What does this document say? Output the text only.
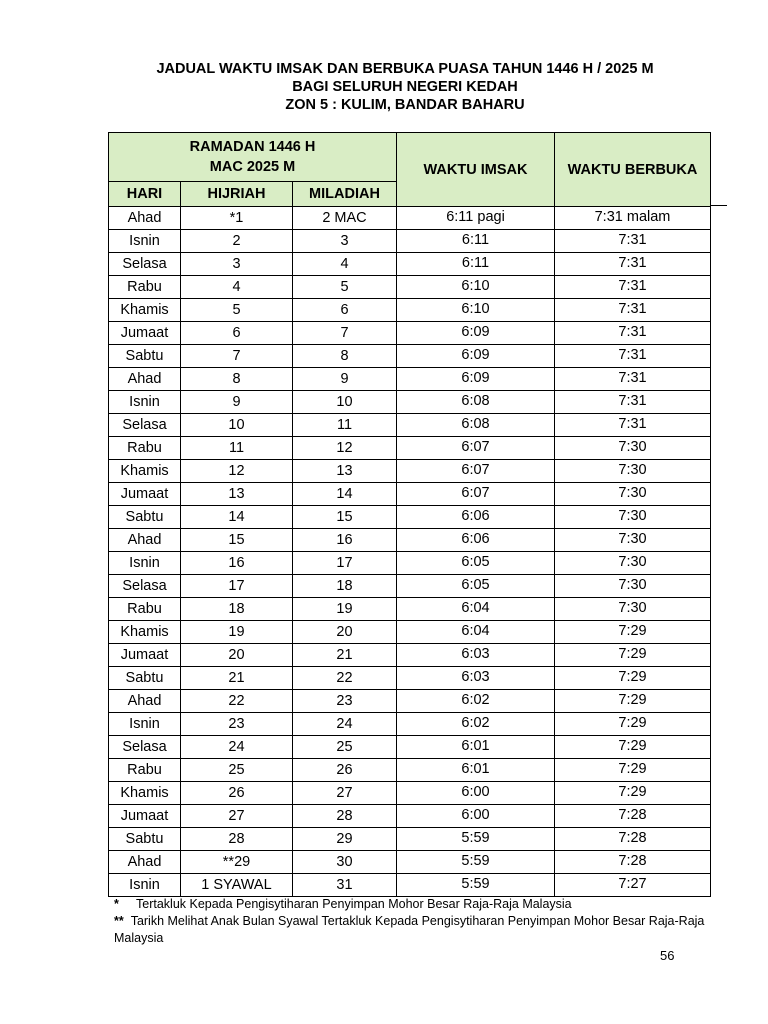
JADUAL WAKTU IMSAK DAN BERBUKA PUASA TAHUN 1446 H / 2025 M
BAGI SELURUH NEGERI KEDAH
ZON 5 : KULIM, BANDAR BAHARU
RAMADAN 1446 H
MAC 2025 M			WAKTU IMSAK	WAKTU BERBUKA
HARI	HIJRIAH	MILADIAH		
Ahad	*1	2 MAC	6:11 pagi	7:31 malam
Isnin	2	3	6:11	7:31
Selasa	3	4	6:11	7:31
Rabu	4	5	6:10	7:31
Khamis	5	6	6:10	7:31
Jumaat	6	7	6:09	7:31
Sabtu	7	8	6:09	7:31
Ahad	8	9	6:09	7:31
Isnin	9	10	6:08	7:31
Selasa	10	11	6:08	7:31
Rabu	11	12	6:07	7:30
Khamis	12	13	6:07	7:30
Jumaat	13	14	6:07	7:30
Sabtu	14	15	6:06	7:30
Ahad	15	16	6:06	7:30
Isnin	16	17	6:05	7:30
Selasa	17	18	6:05	7:30
Rabu	18	19	6:04	7:30
Khamis	19	20	6:04	7:29
Jumaat	20	21	6:03	7:29
Sabtu	21	22	6:03	7:29
Ahad	22	23	6:02	7:29
Isnin	23	24	6:02	7:29
Selasa	24	25	6:01	7:29
Rabu	25	26	6:01	7:29
Khamis	26	27	6:00	7:29
Jumaat	27	28	6:00	7:28
Sabtu	28	29	5:59	7:28
Ahad	**29	30	5:59	7:28
Isnin	1 SYAWAL	31	5:59	7:27
*	Tertakluk Kepada Pengisytiharan Penyimpan Mohor Besar Raja-Raja Malaysia
** Tarikh Melihat Anak Bulan Syawal Tertakluk Kepada Pengisytiharan Penyimpan Mohor Besar Raja-Raja Malaysia
56
